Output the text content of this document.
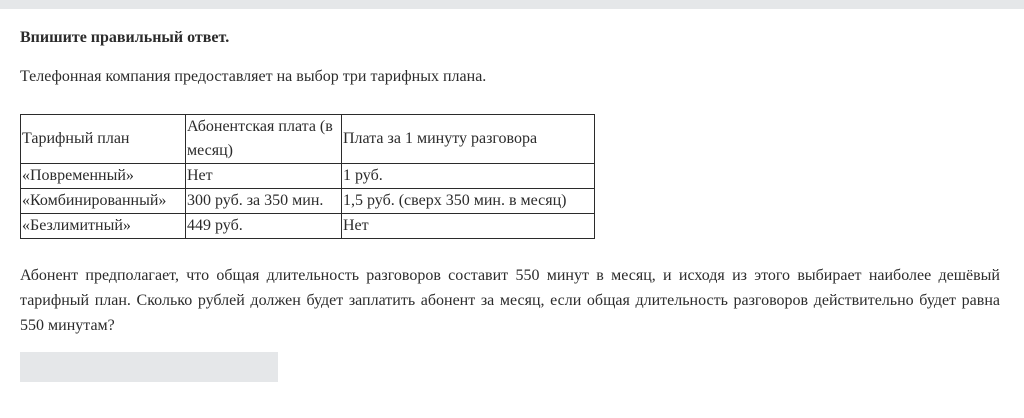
Впишите правильный ответ.

Телефонная компания предоставляет на выбор три тарифных плана.

Тарифный план	Абонентская плата (в месяц)	Плата за 1 минуту разговора
«Повременный»	Нет	1 руб.
«Комбинированный»	300 руб. за 350 мин.	1,5 руб. (сверх 350 мин. в месяц)
«Безлимитный»	449 руб.	Нет

Абонент предполагает, что общая длительность разговоров составит 550 минут в месяц, и исходя из этого выбирает наиболее дешёвый тарифный план. Сколько рублей должен будет заплатить абонент за месяц, если общая длительность разговоров действительно будет равна 550 минутам?
